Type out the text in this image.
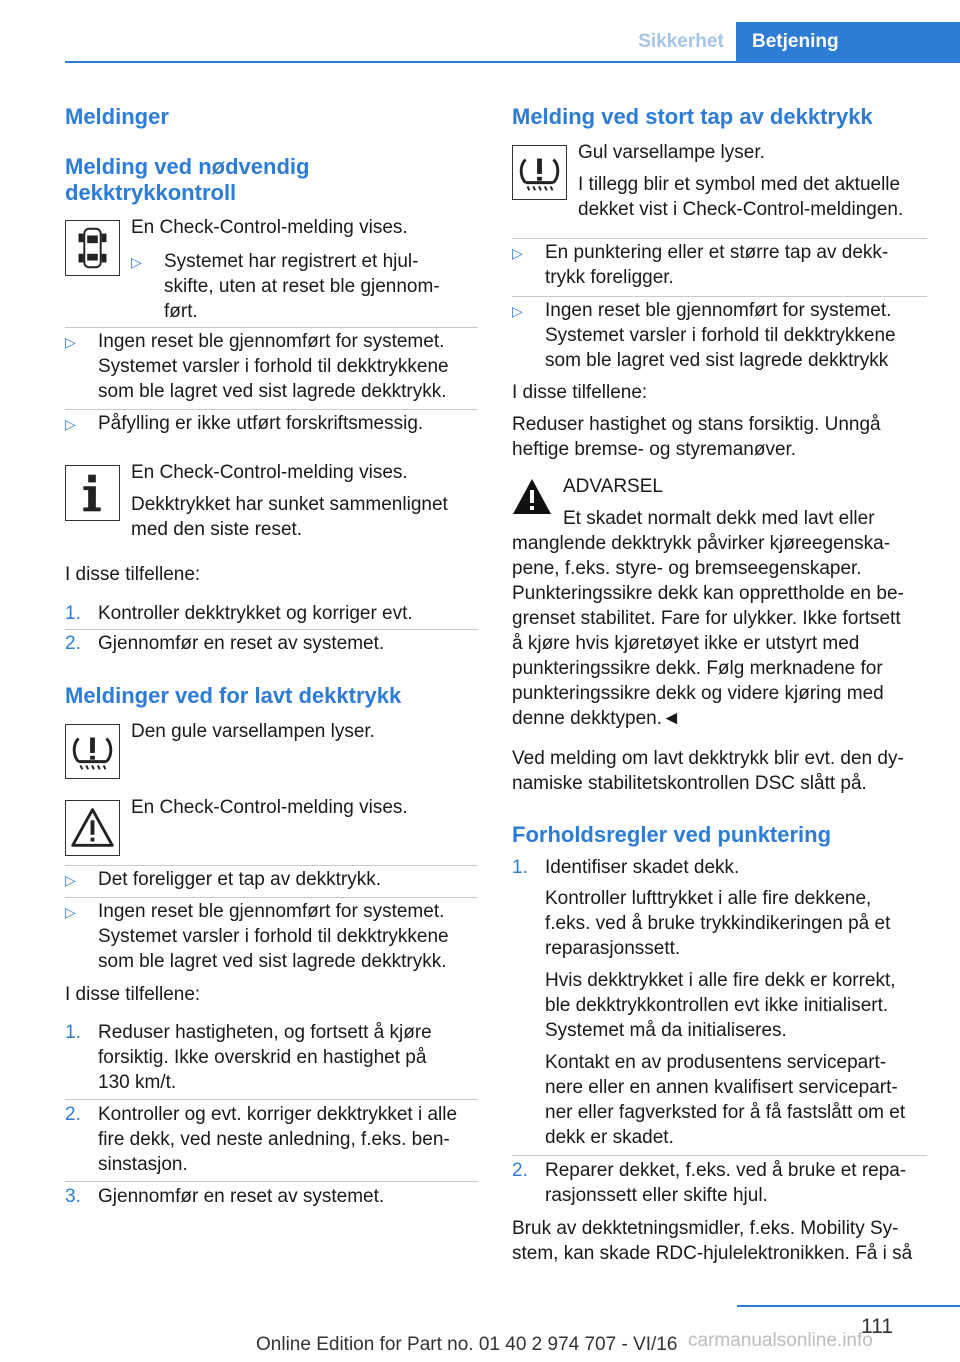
Sikkerhet	Betjening
Meldinger
Melding ved nødvendig
dekktrykkontroll
En Check-Control-melding vises.
▷ Systemet har registrert et hjul-
skifte, uten at reset ble gjennom-
ført.
▷ Ingen reset ble gjennomført for systemet.
Systemet varsler i forhold til dekktrykkene
som ble lagret ved sist lagrede dekktrykk.
▷ Påfylling er ikke utført forskriftsmessig.
En Check-Control-melding vises.
Dekktrykket har sunket sammenlignet
med den siste reset.
I disse tilfellene:
1. Kontroller dekktrykket og korriger evt.
2. Gjennomfør en reset av systemet.
Meldinger ved for lavt dekktrykk
Den gule varsellampen lyser.
En Check-Control-melding vises.
▷ Det foreligger et tap av dekktrykk.
▷ Ingen reset ble gjennomført for systemet.
Systemet varsler i forhold til dekktrykkene
som ble lagret ved sist lagrede dekktrykk.
I disse tilfellene:
1. Reduser hastigheten, og fortsett å kjøre
forsiktig. Ikke overskrid en hastighet på
130 km/t.
2. Kontroller og evt. korriger dekktrykket i alle
fire dekk, ved neste anledning, f.eks. ben-
sinstasjon.
3. Gjennomfør en reset av systemet.
Melding ved stort tap av dekktrykk
Gul varsellampe lyser.
I tillegg blir et symbol med det aktuelle
dekket vist i Check-Control-meldingen.
▷ En punktering eller et større tap av dekk-
trykk foreligger.
▷ Ingen reset ble gjennomført for systemet.
Systemet varsler i forhold til dekktrykkene
som ble lagret ved sist lagrede dekktrykk
I disse tilfellene:
Reduser hastighet og stans forsiktig. Unngå
heftige bremse- og styremanøver.
ADVARSEL
Et skadet normalt dekk med lavt eller
manglende dekktrykk påvirker kjøreegenska-
pene, f.eks. styre- og bremseegenskaper.
Punkteringssikre dekk kan opprettholde en be-
grenset stabilitet. Fare for ulykker. Ikke fortsett
å kjøre hvis kjøretøyet ikke er utstyrt med
punkteringssikre dekk. Følg merknadene for
punkteringssikre dekk og videre kjøring med
denne dekktypen.◄
Ved melding om lavt dekktrykk blir evt. den dy-
namiske stabilitetskontrollen DSC slått på.
Forholdsregler ved punktering
1. Identifiser skadet dekk.
Kontroller lufttrykket i alle fire dekkene,
f.eks. ved å bruke trykkindikeringen på et
reparasjonssett.
Hvis dekktrykket i alle fire dekk er korrekt,
ble dekktrykkontrollen evt ikke initialisert.
Systemet må da initialiseres.
Kontakt en av produsentens servicepart-
nere eller en annen kvalifisert servicepart-
ner eller fagverksted for å få fastslått om et
dekk er skadet.
2. Reparer dekket, f.eks. ved å bruke et repa-
rasjonssett eller skifte hjul.
Bruk av dekktetningsmidler, f.eks. Mobility Sy-
stem, kan skade RDC-hjulelektronikken. Få i så
111
Online Edition for Part no. 01 40 2 974 707 - VI/16 carmanualsonline.info
